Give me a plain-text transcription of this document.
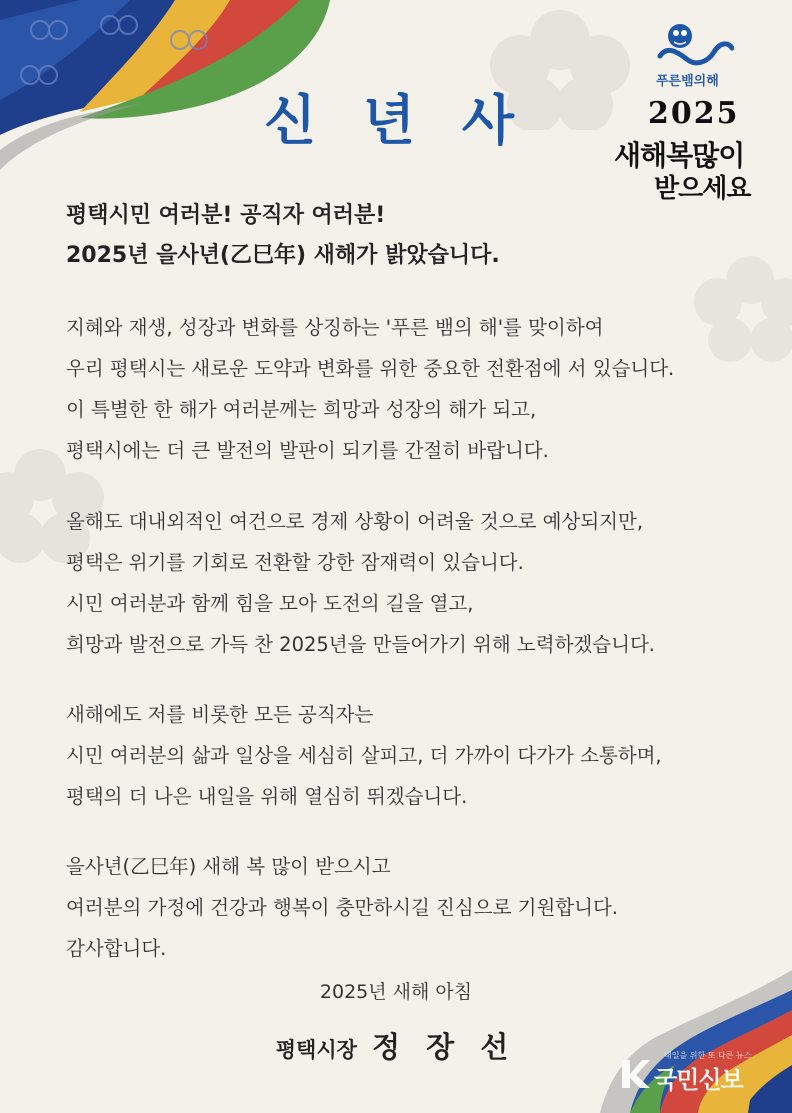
신 년 사
푸른뱀의해
2025
새해복많이
받으세요
평택시민 여러분! 공직자 여러분!
2025년 을사년(乙巳年) 새해가 밝았습니다.
지혜와 재생, 성장과 변화를 상징하는 '푸른 뱀의 해'를 맞이하여
우리 평택시는 새로운 도약과 변화를 위한 중요한 전환점에 서 있습니다.
이 특별한 한 해가 여러분께는 희망과 성장의 해가 되고,
평택시에는 더 큰 발전의 발판이 되기를 간절히 바랍니다.
올해도 대내외적인 여건으로 경제 상황이 어려울 것으로 예상되지만,
평택은 위기를 기회로 전환할 강한 잠재력이 있습니다.
시민 여러분과 함께 힘을 모아 도전의 길을 열고,
희망과 발전으로 가득 찬 2025년을 만들어가기 위해 노력하겠습니다.
새해에도 저를 비롯한 모든 공직자는
시민 여러분의 삶과 일상을 세심히 살피고, 더 가까이 다가가 소통하며,
평택의 더 나은 내일을 위해 열심히 뛰겠습니다.
을사년(乙巳年) 새해 복 많이 받으시고
여러분의 가정에 건강과 행복이 충만하시길 진심으로 기원합니다.
감사합니다.
2025년 새해 아침
평택시장 정 장 선	내일을 위한 또 다른 뉴스
국민신보
